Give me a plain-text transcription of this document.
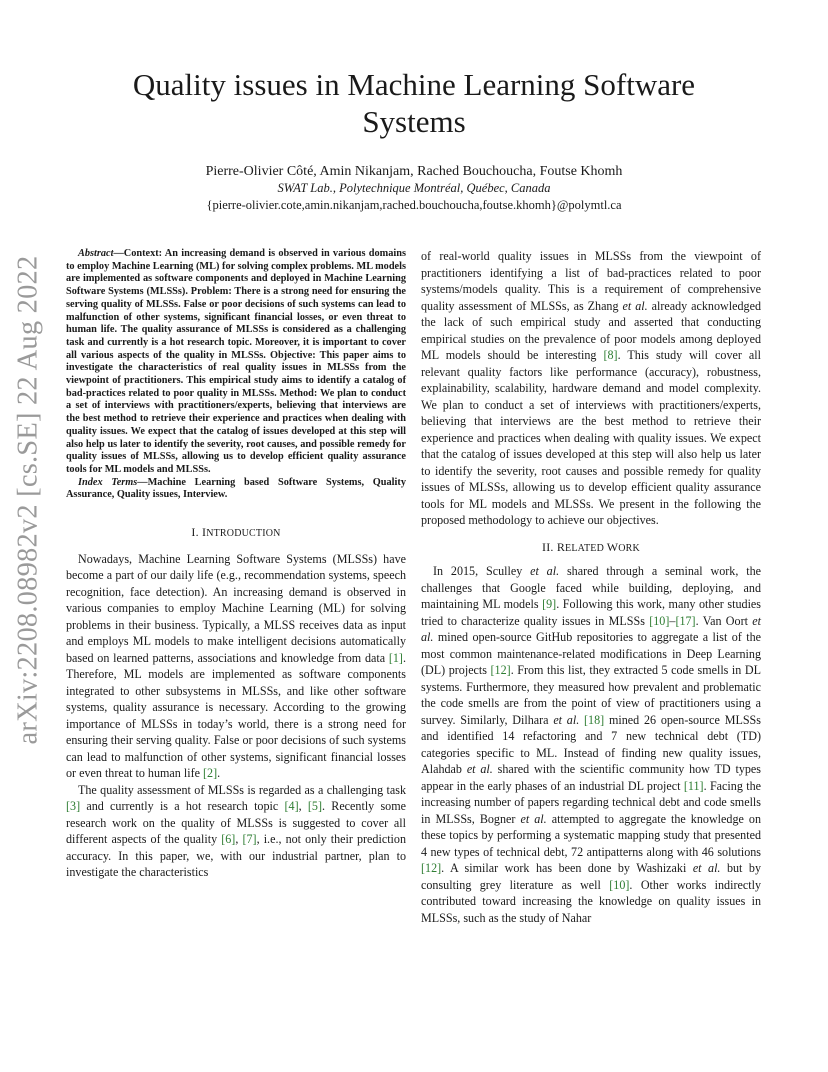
arXiv:2208.08982v2 [cs.SE] 22 Aug 2022
Quality issues in Machine Learning Software
Systems
Pierre-Olivier Côté, Amin Nikanjam, Rached Bouchoucha, Foutse Khomh
SWAT Lab., Polytechnique Montréal, Québec, Canada
{pierre-olivier.cote,amin.nikanjam,rached.bouchoucha,foutse.khomh}@polymtl.ca

Abstract—Context: An increasing demand is observed in various domains to employ Machine Learning (ML) for solving complex problems. ML models are implemented as software components and deployed in Machine Learning Software Systems (MLSSs). Problem: There is a strong need for ensuring the serving quality of MLSSs. False or poor decisions of such systems can lead to malfunction of other systems, significant financial losses, or even threat to human life. The quality assurance of MLSSs is considered as a challenging task and currently is a hot research topic. Moreover, it is important to cover all various aspects of the quality in MLSSs. Objective: This paper aims to investigate the characteristics of real quality issues in MLSSs from the viewpoint of practitioners. This empirical study aims to identify a catalog of bad-practices related to poor quality in MLSSs. Method: We plan to conduct a set of interviews with practitioners/experts, believing that interviews are the best method to retrieve their experience and practices when dealing with quality issues. We expect that the catalog of issues developed at this step will also help us later to identify the severity, root causes, and possible remedy for quality issues of MLSSs, allowing us to develop efficient quality assurance tools for ML models and MLSSs.

Index Terms—Machine Learning based Software Systems, Quality Assurance, Quality issues, Interview.

I. INTRODUCTION

Nowadays, Machine Learning Software Systems (MLSSs) have become a part of our daily life (e.g., recommendation systems, speech recognition, face detection). An increasing demand is observed in various companies to employ Machine Learning (ML) for solving problems in their business. Typically, a MLSS receives data as input and employs ML models to make intelligent decisions automatically based on learned patterns, associations and knowledge from data [1]. Therefore, ML models are implemented as software components integrated to other subsystems in MLSSs, and like other software systems, quality assurance is necessary. According to the growing importance of MLSSs in today’s world, there is a strong need for ensuring their serving quality. False or poor decisions of such systems can lead to malfunction of other systems, significant financial losses or even threat to human life [2].

The quality assessment of MLSSs is regarded as a challenging task [3] and currently is a hot research topic [4], [5]. Recently some research work on the quality of MLSSs is suggested to cover all different aspects of the quality [6], [7], i.e., not only their prediction accuracy. In this paper, we, with our industrial partner, plan to investigate the characteristics

of real-world quality issues in MLSSs from the viewpoint of practitioners identifying a list of bad-practices related to poor systems/models quality. This is a requirement of comprehensive quality assessment of MLSSs, as Zhang et al. already acknowledged the lack of such empirical study and asserted that conducting empirical studies on the prevalence of poor models among deployed ML models should be interesting [8]. This study will cover all relevant quality factors like performance (accuracy), robustness, explainability, scalability, hardware demand and model complexity. We plan to conduct a set of interviews with practitioners/experts, believing that interviews are the best method to retrieve their experience and practices when dealing with quality issues. We expect that the catalog of issues developed at this step will also help us later to identify the severity, root causes and possible remedy for quality issues of MLSSs, allowing us to develop efficient quality assurance tools for ML models and MLSSs. We present in the following the proposed methodology to achieve our objectives.

II. RELATED WORK

In 2015, Sculley et al. shared through a seminal work, the challenges that Google faced while building, deploying, and maintaining ML models [9]. Following this work, many other studies tried to characterize quality issues in MLSSs [10]–[17]. Van Oort et al. mined open-source GitHub repositories to aggregate a list of the most common maintenance-related modifications in Deep Learning (DL) projects [12]. From this list, they extracted 5 code smells in DL systems. Furthermore, they measured how prevalent and problematic the code smells are from the point of view of practitioners using a survey. Similarly, Dilhara et al. [18] mined 26 open-source MLSSs and identified 14 refactoring and 7 new technical debt (TD) categories specific to ML. Instead of finding new quality issues, Alahdab et al. shared with the scientific community how TD types appear in the early phases of an industrial DL project [11]. Facing the increasing number of papers regarding technical debt and code smells in MLSSs, Bogner et al. attempted to aggregate the knowledge on these topics by performing a systematic mapping study that presented 4 new types of technical debt, 72 antipatterns along with 46 solutions [12]. A similar work has been done by Washizaki et al. but by consulting grey literature as well [10]. Other works indirectly contributed toward increasing the knowledge on quality issues in MLSSs, such as the study of Nahar
